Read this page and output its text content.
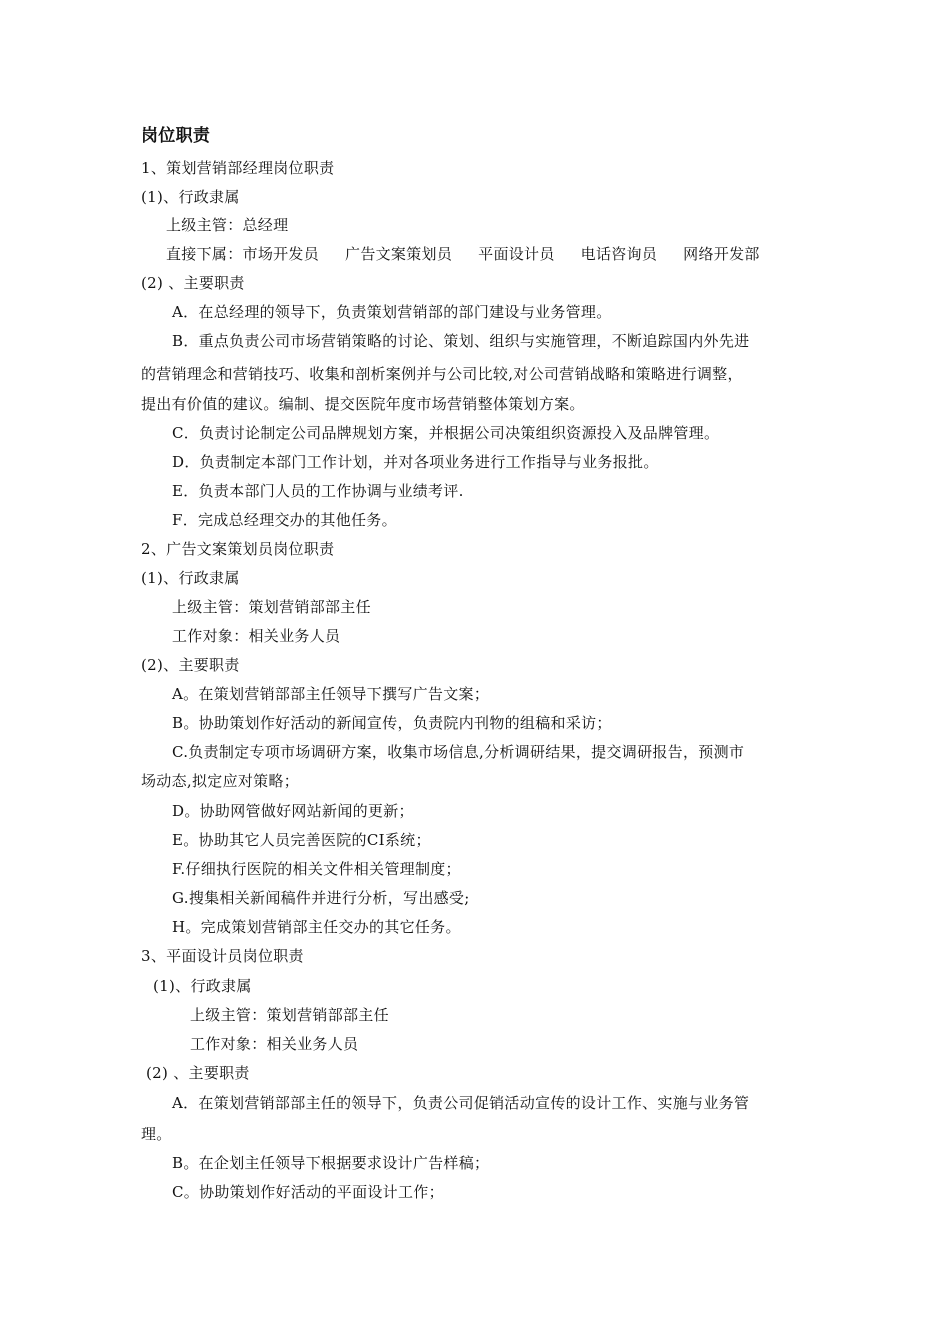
岗位职责
1、策划营销部经理岗位职责
(1)、行政隶属
上级主管：总经理
直接下属：市场开发员 广告文案策划员 平面设计员 电话咨询员 网络开发部
(2) 、主要职责
A．在总经理的领导下，负责策划营销部的部门建设与业务管理。
B．重点负责公司市场营销策略的讨论、策划、组织与实施管理，不断追踪国内外先进
的营销理念和营销技巧、收集和剖析案例并与公司比较,对公司营销战略和策略进行调整，
提出有价值的建议。编制、提交医院年度市场营销整体策划方案。
C．负责讨论制定公司品牌规划方案，并根据公司决策组织资源投入及品牌管理。
D．负责制定本部门工作计划，并对各项业务进行工作指导与业务报批。
E．负责本部门人员的工作协调与业绩考评.
F．完成总经理交办的其他任务。
2、广告文案策划员岗位职责
(1)、行政隶属
上级主管：策划营销部部主任
工作对象：相关业务人员
(2)、主要职责
A。在策划营销部部主任领导下撰写广告文案；
B。协助策划作好活动的新闻宣传，负责院内刊物的组稿和采访；
C.负责制定专项市场调研方案，收集市场信息,分析调研结果，提交调研报告，预测市
场动态,拟定应对策略；
D。协助网管做好网站新闻的更新；
E。协助其它人员完善医院的CI系统；
F.仔细执行医院的相关文件相关管理制度；
G.搜集相关新闻稿件并进行分析，写出感受;
H。完成策划营销部主任交办的其它任务。
3、平面设计员岗位职责
(1)、行政隶属
上级主管：策划营销部部主任
工作对象：相关业务人员
(2) 、主要职责
A．在策划营销部部主任的领导下，负责公司促销活动宣传的设计工作、实施与业务管
理。
B。在企划主任领导下根据要求设计广告样稿；
C。协助策划作好活动的平面设计工作；
